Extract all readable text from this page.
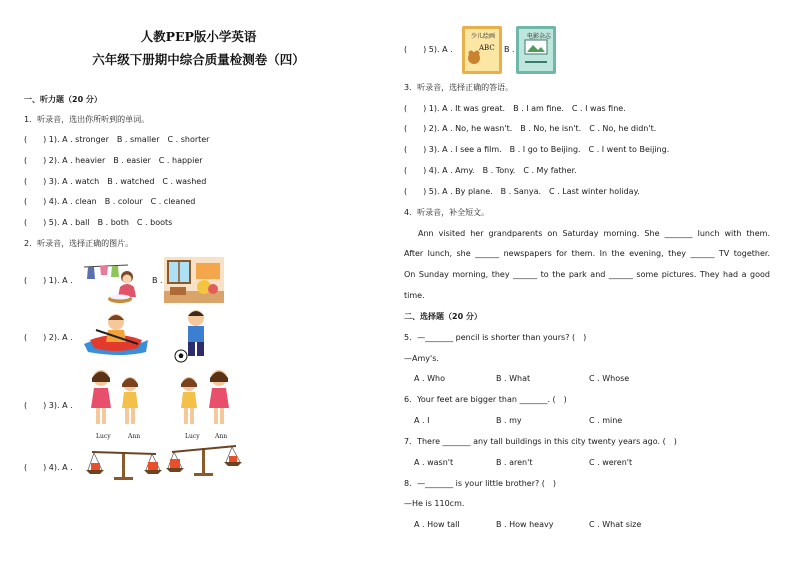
人教PEP版小学英语
六年级下册期中综合质量检测卷（四）
一、听力题（20 分）
1．听录音，选出你所听到的单词。
(　　) 1). A . stronger　B . smaller　C . shorter
(　　) 2). A . heavier　B . easier　C . happier
(　　) 3). A . watch　B . watched　C . washed
(　　) 4). A . clean　B . colour　C . cleaned
(　　) 5). A . ball　B . both　C . boots
2．听录音，选择正确的图片。
(　　) 1). A .	B .
(　　) 2). A .
(　　) 3). A .
(　　) 4). A .
Lucy	Ann	Lucy	Ann
(　　) 5). A .
少儿绘画
ABC B .
电影杂志
3．听录音，选择正确的答语。
(　　) 1). A . It was great.　B . I am fine.　C . I was fine.
(　　) 2). A . No, he wasn't.　B . No, he isn't.　C . No, he didn't.
(　　) 3). A . I see a film.　B . I go to Beijing.　C . I went to Beijing.
(　　) 4). A . Amy.　B . Tony.　C . My father.
(　　) 5). A . By plane.　B . Sanya.　C . Last winter holiday.
4．听录音，补全短文。
Ann visited her grandparents on Saturday morning. She _______ lunch with them.
After lunch, she ______ newspapers for them. In the evening, they ______ TV together.
On Sunday morning, they ______ to the park and ______ some pictures. They had a good
time.
二、选择题（20 分）
5．—_______ pencil is shorter than yours? (　)
—Amy's.
A . Who	B . What	C . Whose
6．Your feet are bigger than _______. (　)
A . I	B . my	C . mine
7．There _______ any tall buildings in this city twenty years ago. (　)
A . wasn't	B . aren't	C . weren't
8．—_______ is your little brother? (　)
—He is 110cm.
A . How tall	B . How heavy	C . What size
